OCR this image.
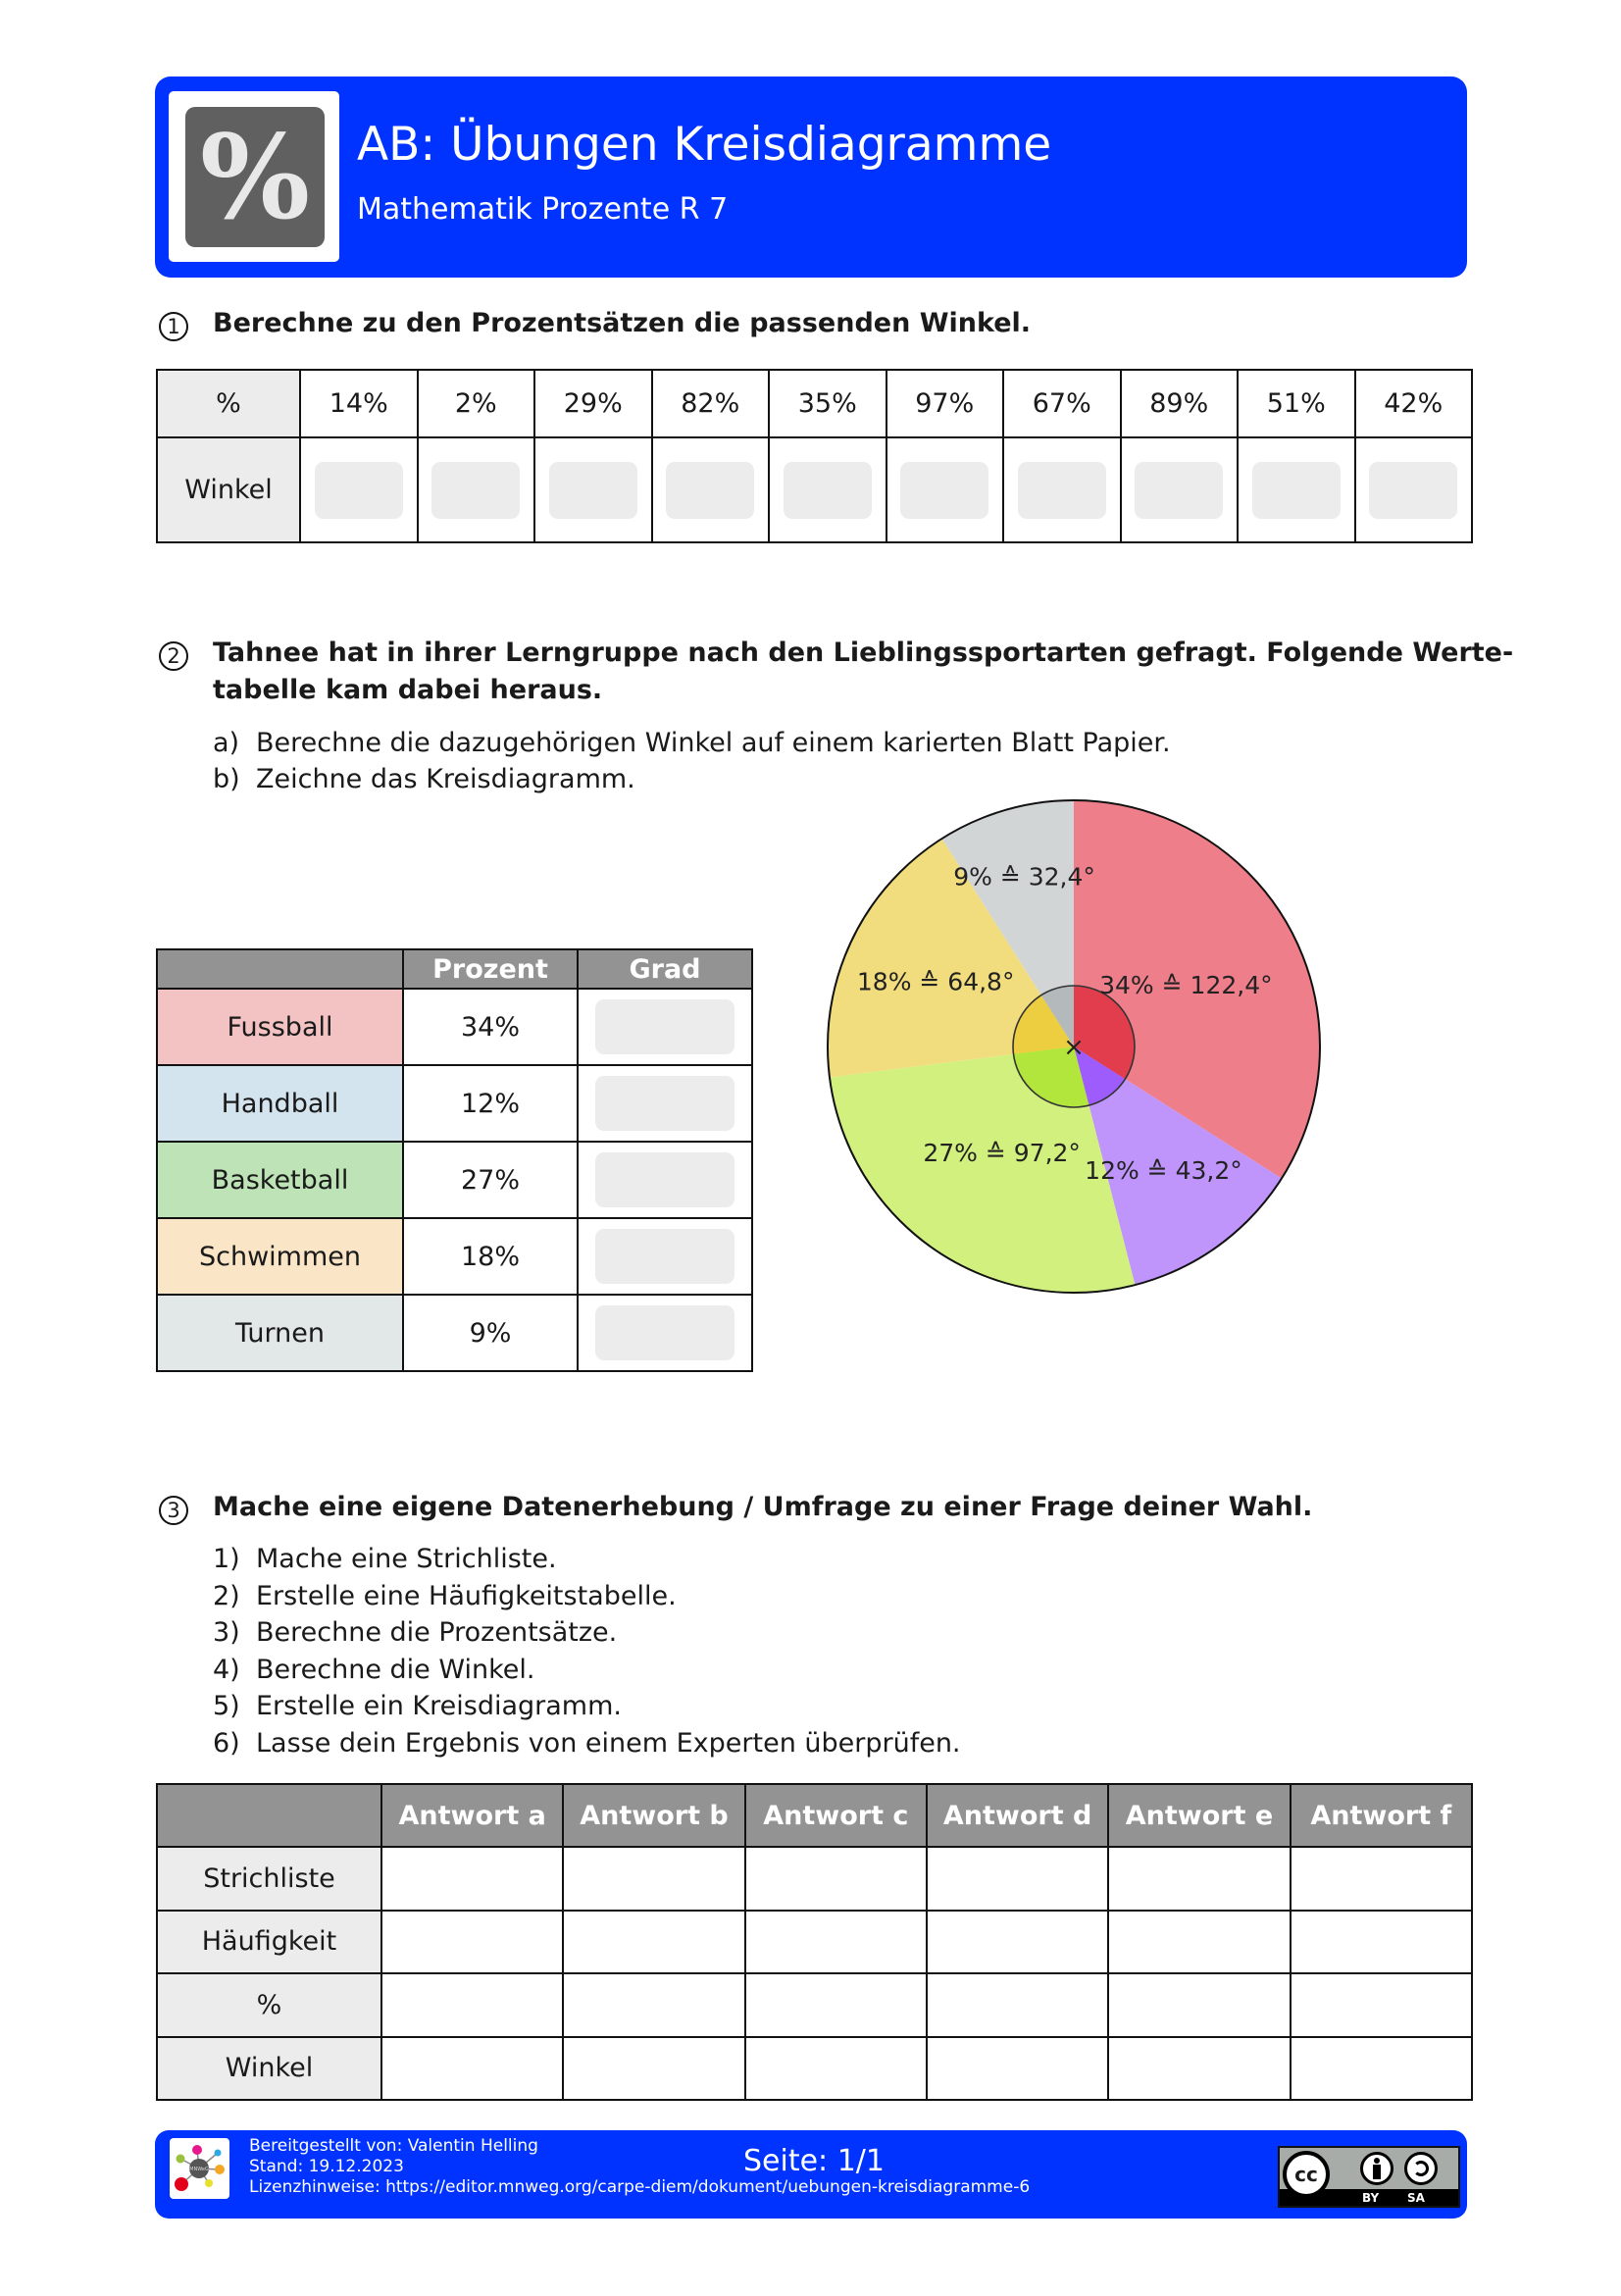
% AB: Übungen Kreisdiagramme
Mathematik Prozente R 7
1	Berechne zu den Prozentsätzen die passenden Winkel.
%	14%	2%	29%	82%	35%	97%	67%	89%	51%	42%
Winkel	

2	Tahnee hat in ihrer Lerngruppe nach den Lieblingssportarten gefragt. Folgende Werte-
tabelle kam dabei heraus.
a) Berechne die dazugehörigen Winkel auf einem karierten Blatt Papier.
b) Zeichne das Kreisdiagramm.
	Prozent	Grad
Fussball	34%	

Handball	12%	

Basketball	27%	

Schwimmen	18%	

Turnen	9%	
×
34% ≙ 122,4°
12% ≙ 43,2°
27% ≙ 97,2°
18% ≙ 64,8°
9% ≙ 32,4°
3	Mache eine eigene Datenerhebung / Umfrage zu einer Frage deiner Wahl.
1) Mache eine Strichliste.
2) Erstelle eine Häufigkeitstabelle.
3) Berechne die Prozentsätze.
4) Berechne die Winkel.
5) Erstelle ein Kreisdiagramm.
6) Lasse dein Ergebnis von einem Experten überprüfen.
	Antwort a	Antwort b	Antwort c	Antwort d	Antwort e	Antwort f
Strichliste						
Häufigkeit						
%						
Winkel						
MNWeG
Bereitgestellt von: Valentin Helling
Stand: 19.12.2023
Lizenzhinweise: https://editor.mnweg.org/carpe-diem/dokument/uebungen-kreisdiagramme-6
Seite: 1/1	cc
BY SA
